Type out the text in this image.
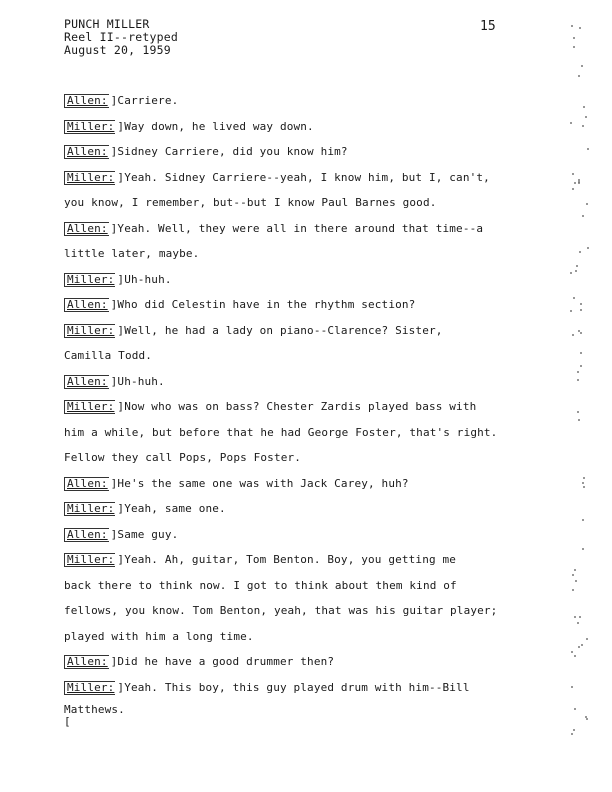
PUNCH MILLER
Reel II--retyped
August 20, 1959
15
Allen: ]Carriere.
Miller: ]Way down, he lived way down.
Allen: ]Sidney Carriere, did you know him?
Miller: ]Yeah. Sidney Carriere--yeah, I know him, but I, can't,
you know, I remember, but--but I know Paul Barnes good.
Allen: ]Yeah. Well, they were all in there around that time--a
little later, maybe.
Miller: ]Uh-huh.
Allen: ]Who did Celestin have in the rhythm section?
Miller: ]Well, he had a lady on piano--Clarence? Sister,
Camilla Todd.
Allen: ]Uh-huh.
Miller: ]Now who was on bass? Chester Zardis played bass with
him a while, but before that he had George Foster, that's right.
Fellow they call Pops, Pops Foster.
Allen: ]He's the same one was with Jack Carey, huh?
Miller: ]Yeah, same one.
Allen: ]Same guy.
Miller: ]Yeah. Ah, guitar, Tom Benton. Boy, you getting me
back there to think now. I got to think about them kind of
fellows, you know. Tom Benton, yeah, that was his guitar player;
played with him a long time.
Allen: ]Did he have a good drummer then?
Miller: ]Yeah. This boy, this guy played drum with him--Bill
Matthews.
[
